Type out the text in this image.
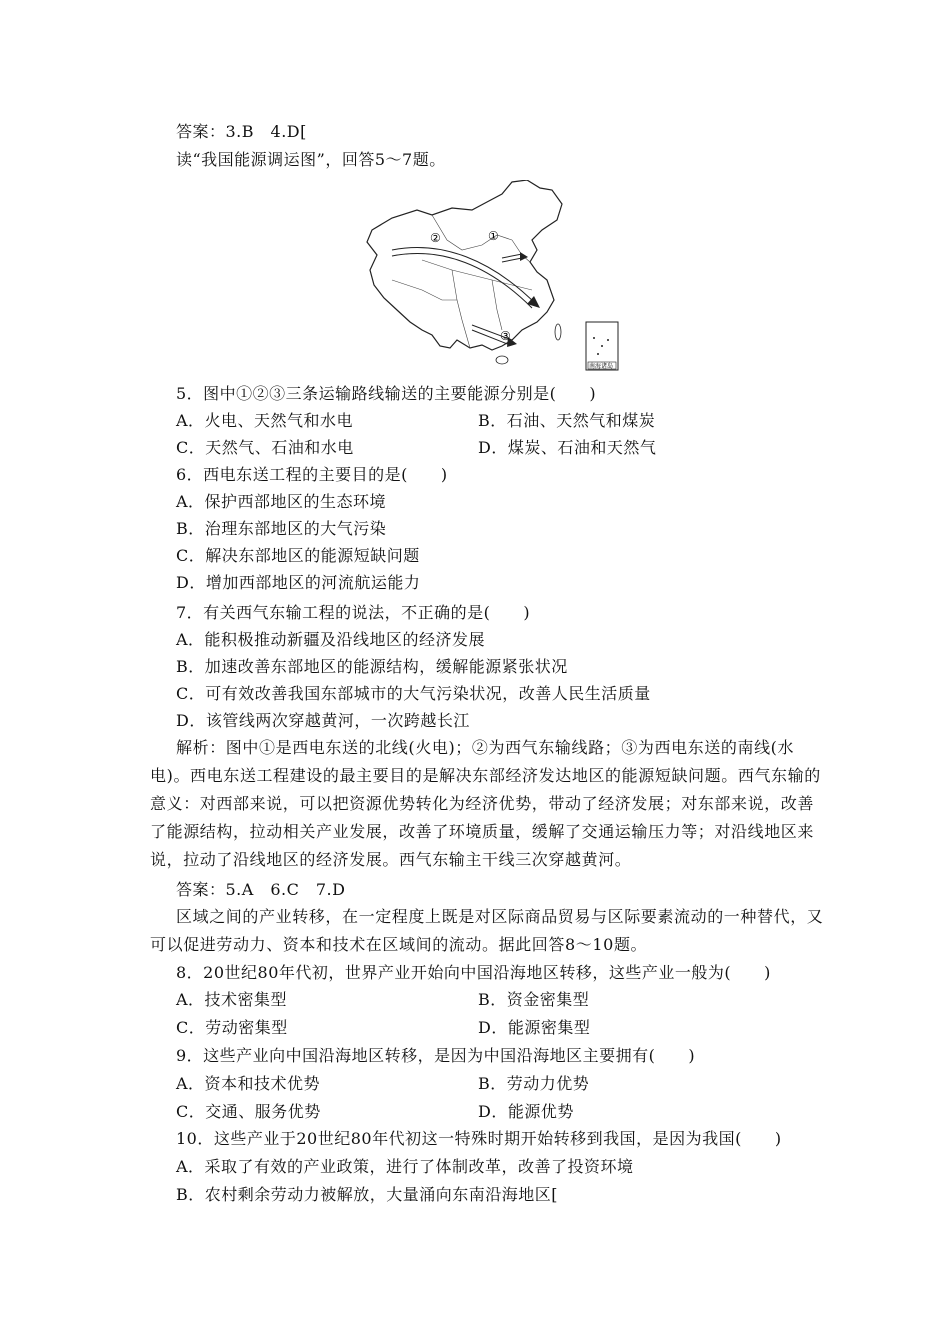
答案：3.B　4.D[
读“我国能源调运图”，回答5～7题。
①
②
③
南海诸岛
5．图中①②③三条运输路线输送的主要能源分别是(　　)
A．火电、天然气和水电	B．石油、天然气和煤炭
C．天然气、石油和水电	D．煤炭、石油和天然气
6．西电东送工程的主要目的是(　　)
A．保护西部地区的生态环境
B．治理东部地区的大气污染
C．解决东部地区的能源短缺问题
D．增加西部地区的河流航运能力
7．有关西气东输工程的说法，不正确的是(　　)
A．能积极推动新疆及沿线地区的经济发展
B．加速改善东部地区的能源结构，缓解能源紧张状况
C．可有效改善我国东部城市的大气污染状况，改善人民生活质量
D．该管线两次穿越黄河，一次跨越长江
解析：图中①是西电东送的北线(火电)；②为西气东输线路；③为西电东送的南线(水电)。西电东送工程建设的最主要目的是解决东部经济发达地区的能源短缺问题。西气东输的意义：对西部来说，可以把资源优势转化为经济优势，带动了经济发展；对东部来说，改善了能源结构，拉动相关产业发展，改善了环境质量，缓解了交通运输压力等；对沿线地区来说，拉动了沿线地区的经济发展。西气东输主干线三次穿越黄河。
答案：5.A　6.C　7.D
区域之间的产业转移，在一定程度上既是对区际商品贸易与区际要素流动的一种替代，又可以促进劳动力、资本和技术在区域间的流动。据此回答8～10题。
8．20世纪80年代初，世界产业开始向中国沿海地区转移，这些产业一般为(　　)
A．技术密集型	B．资金密集型
C．劳动密集型	D．能源密集型
9．这些产业向中国沿海地区转移，是因为中国沿海地区主要拥有(　　)
A．资本和技术优势	B．劳动力优势
C．交通、服务优势	D．能源优势
10．这些产业于20世纪80年代初这一特殊时期开始转移到我国，是因为我国(　　)
A．采取了有效的产业政策，进行了体制改革，改善了投资环境
B．农村剩余劳动力被解放，大量涌向东南沿海地区[
